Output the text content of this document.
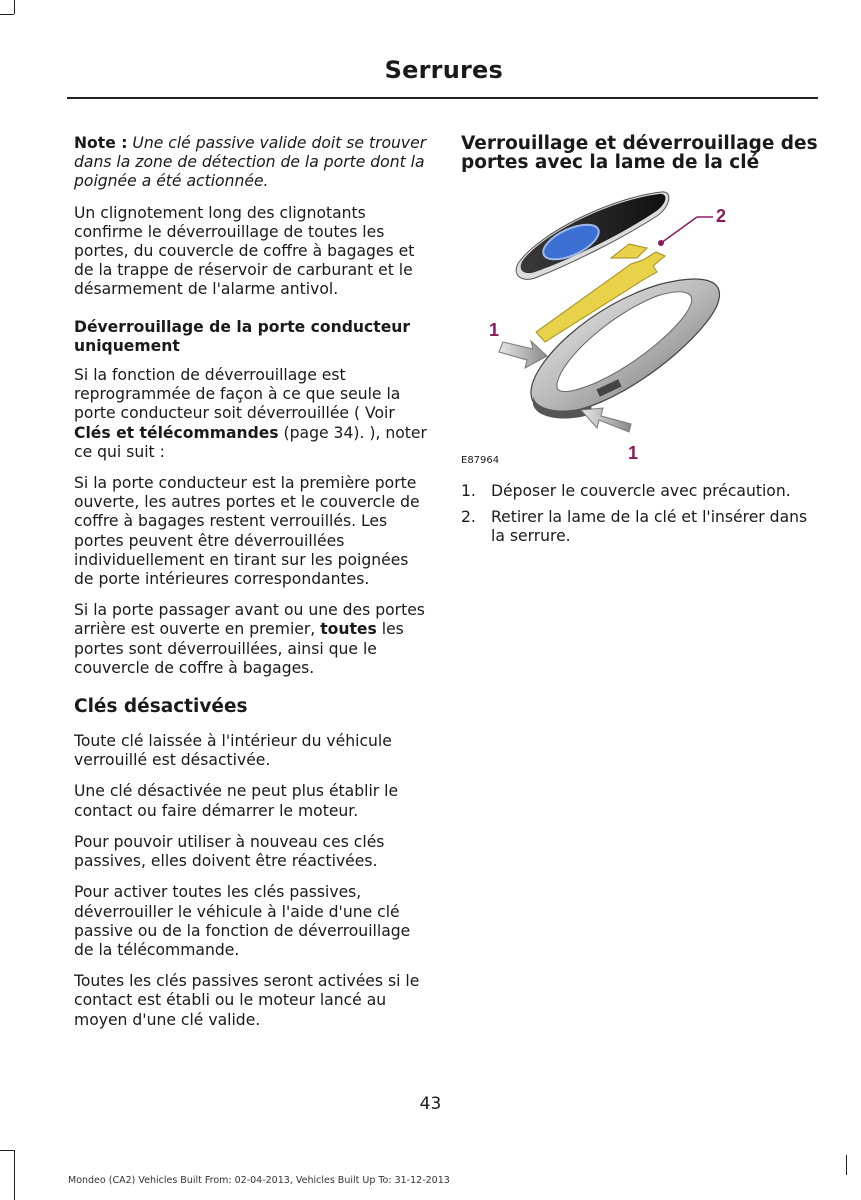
Serrures

Note : Une clé passive valide doit se trouver dans la zone de détection de la porte dont la poignée a été actionnée.

Un clignotement long des clignotants confirme le déverrouillage de toutes les portes, du couvercle de coffre à bagages et de la trappe de réservoir de carburant et le désarmement de l'alarme antivol.

Déverrouillage de la porte conducteur uniquement

Si la fonction de déverrouillage est reprogrammée de façon à ce que seule la porte conducteur soit déverrouillée ( Voir Clés et télécommandes (page 34). ), noter ce qui suit :

Si la porte conducteur est la première porte ouverte, les autres portes et le couvercle de coffre à bagages restent verrouillés. Les portes peuvent être déverrouillées individuellement en tirant sur les poignées de porte intérieures correspondantes.

Si la porte passager avant ou une des portes arrière est ouverte en premier, toutes les portes sont déverrouillées, ainsi que le couvercle de coffre à bagages.

Clés désactivées

Toute clé laissée à l'intérieur du véhicule verrouillé est désactivée.

Une clé désactivée ne peut plus établir le contact ou faire démarrer le moteur.

Pour pouvoir utiliser à nouveau ces clés passives, elles doivent être réactivées.

Pour activer toutes les clés passives, déverrouiller le véhicule à l'aide d'une clé passive ou de la fonction de déverrouillage de la télécommande.

Toutes les clés passives seront activées si le contact est établi ou le moteur lancé au moyen d'une clé valide.

Verrouillage et déverrouillage des portes avec la lame de la clé
2
1
1
E87964
1. Déposer le couvercle avec précaution.
2. Retirer la lame de la clé et l'insérer dans la serrure.
43
Mondeo (CA2) Vehicles Built From: 02-04-2013, Vehicles Built Up To: 31-12-2013
